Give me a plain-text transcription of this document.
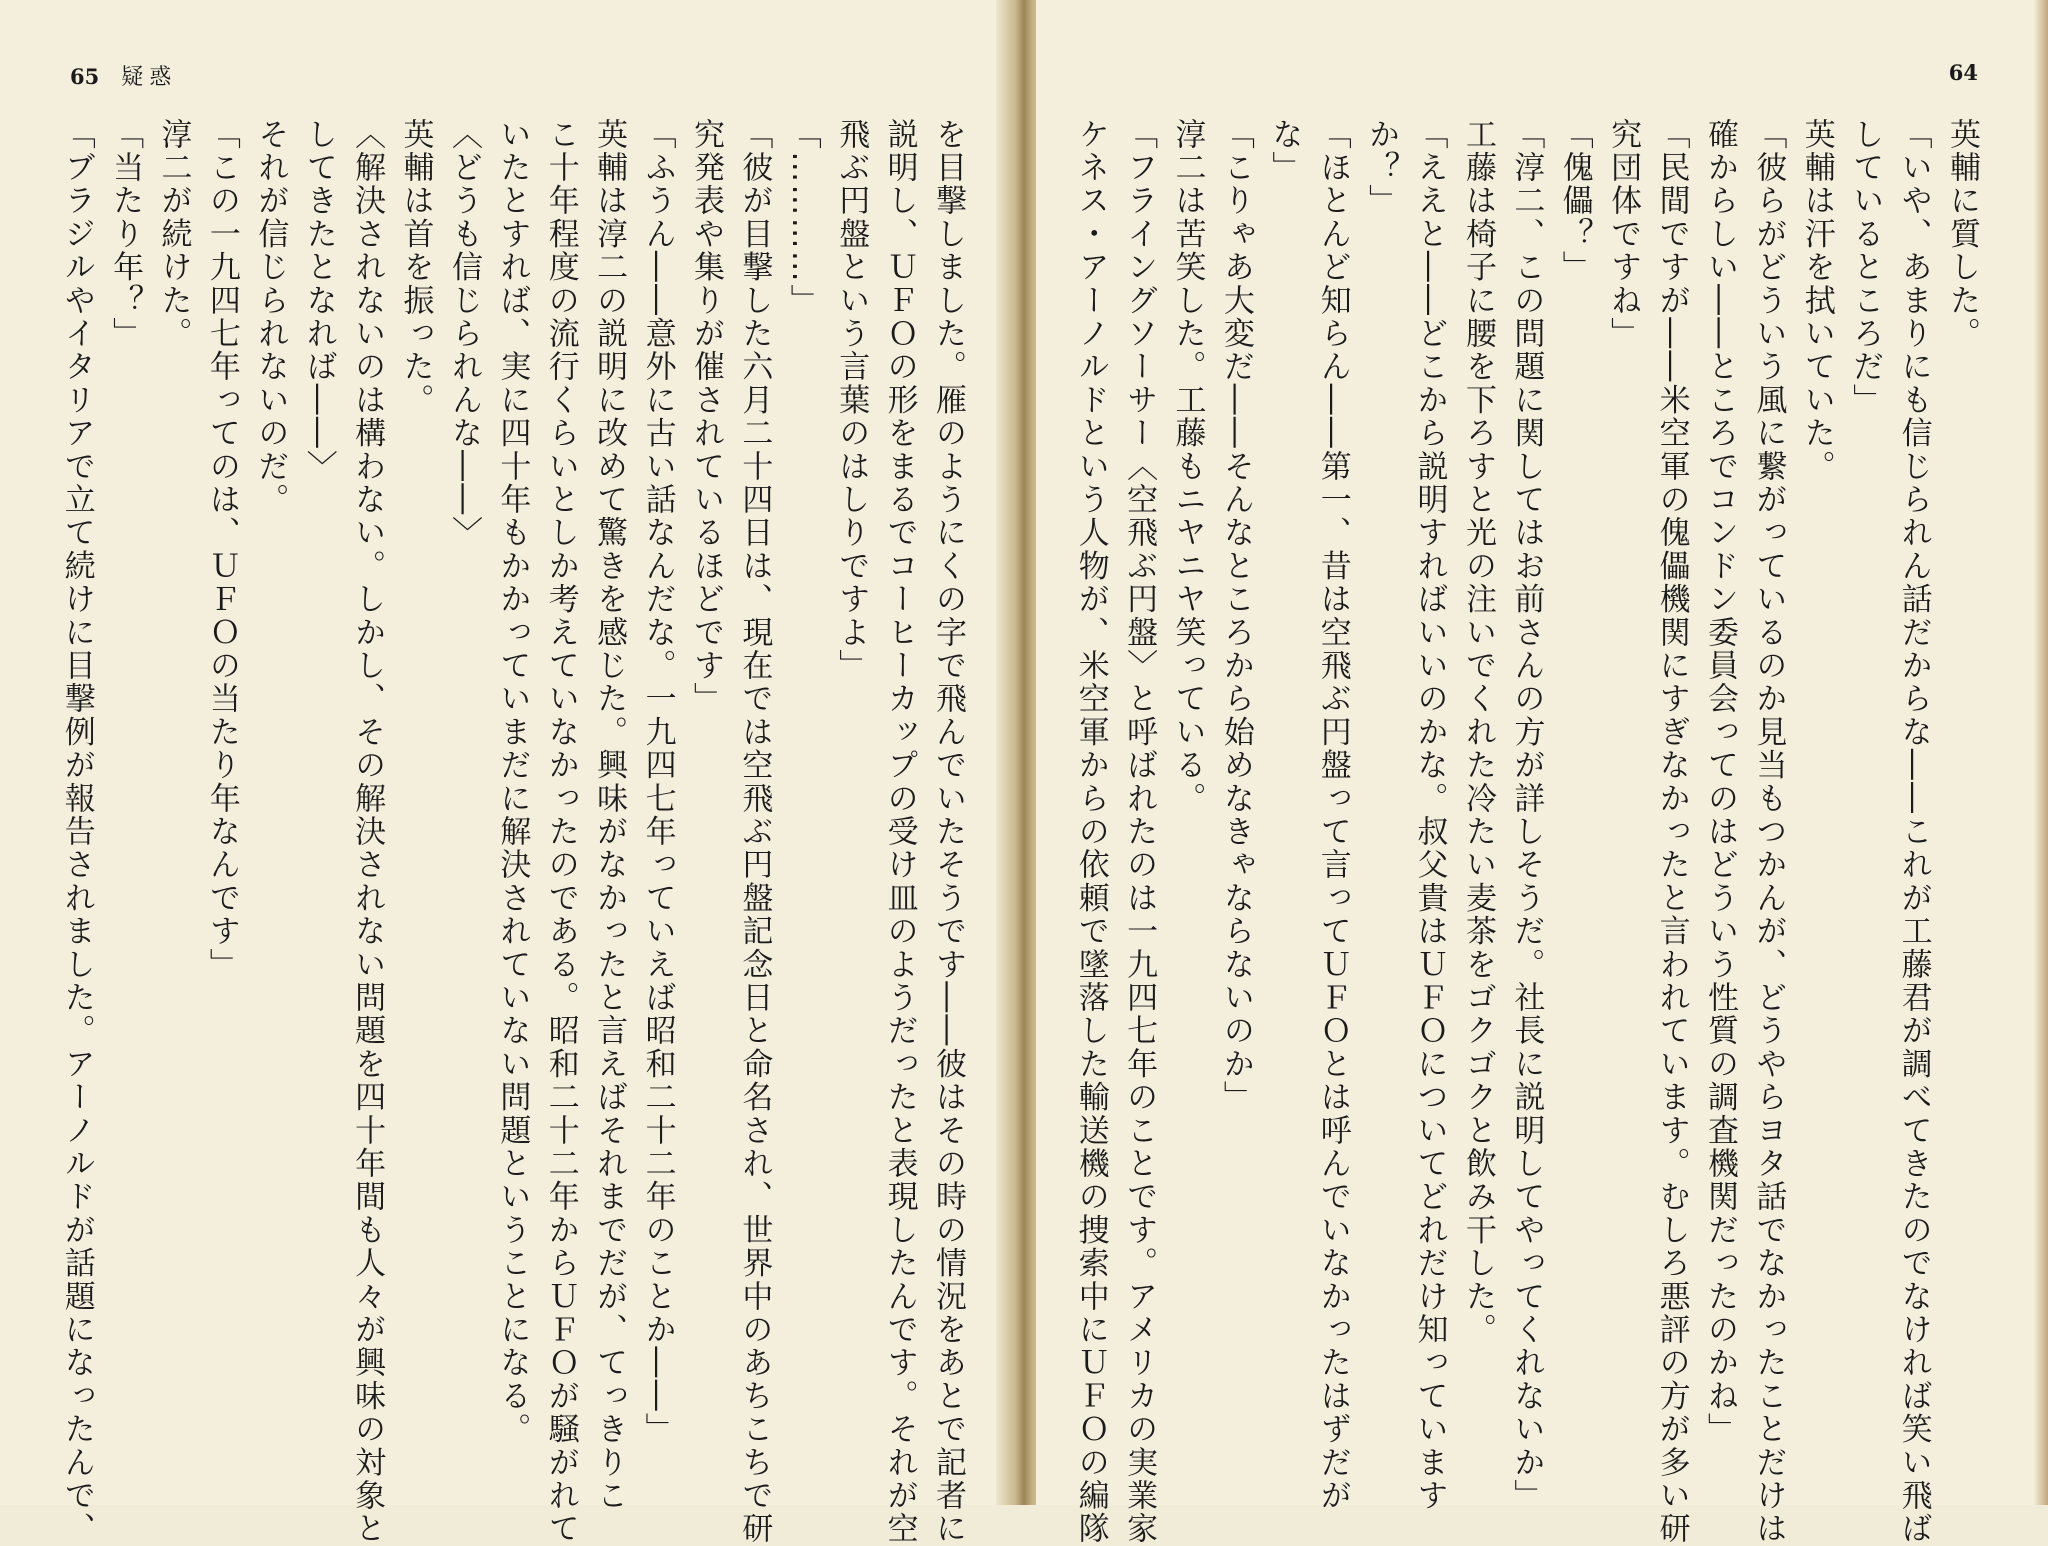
65 疑惑
を目撃しました。雁のようにくの字で飛んでいたそうです――彼はその時の情況をあとで記者に
説明し、ＵＦＯの形をまるでコーヒーカップの受け皿のようだったと表現したんです。それが空
飛ぶ円盤という言葉のはしりですよ」
「…………」
「彼が目撃した六月二十四日は、現在では空飛ぶ円盤記念日と命名され、世界中のあちこちで研
究発表や集りが催されているほどです」
「ふうん――意外に古い話なんだな。一九四七年っていえば昭和二十二年のことか――」
英輔は淳二の説明に改めて驚きを感じた。興味がなかったと言えばそれまでだが、てっきりこ
こ十年程度の流行くらいとしか考えていなかったのである。昭和二十二年からＵＦＯが騒がれて
いたとすれば、実に四十年もかかっていまだに解決されていない問題ということになる。
〈どうも信じられんな――〉
英輔は首を振った。
〈解決されないのは構わない。しかし、その解決されない問題を四十年間も人々が興味の対象と
してきたとなれば――〉
それが信じられないのだ。
「この一九四七年ってのは、ＵＦＯの当たり年なんです」
淳二が続けた。
「当たり年？」
「ブラジルやイタリアで立て続けに目撃例が報告されました。アーノルドが話題になったんで、
64
英輔に質した。
「いや、あまりにも信じられん話だからな――これが工藤君が調べてきたのでなければ笑い飛ば
しているところだ」
英輔は汗を拭いていた。
「彼らがどういう風に繋がっているのか見当もつかんが、どうやらヨタ話でなかったことだけは
確からしい――ところでコンドン委員会ってのはどういう性質の調査機関だったのかね」
「民間ですが――米空軍の傀儡機関にすぎなかったと言われています。むしろ悪評の方が多い研
究団体ですね」
「傀儡？」
「淳二、この問題に関してはお前さんの方が詳しそうだ。社長に説明してやってくれないか」
工藤は椅子に腰を下ろすと光の注いでくれた冷たい麦茶をゴクゴクと飲み干した。
「ええと――どこから説明すればいいのかな。叔父貴はＵＦＯについてどれだけ知っています
か？」
「ほとんど知らん――第一、昔は空飛ぶ円盤って言ってＵＦＯとは呼んでいなかったはずだが
な」
「こりゃあ大変だ――そんなところから始めなきゃならないのか」
淳二は苦笑した。工藤もニヤニヤ笑っている。
「フライングソーサー〈空飛ぶ円盤〉と呼ばれたのは一九四七年のことです。アメリカの実業家
ケネス・アーノルドという人物が、米空軍からの依頼で墜落した輸送機の捜索中にＵＦＯの編隊
